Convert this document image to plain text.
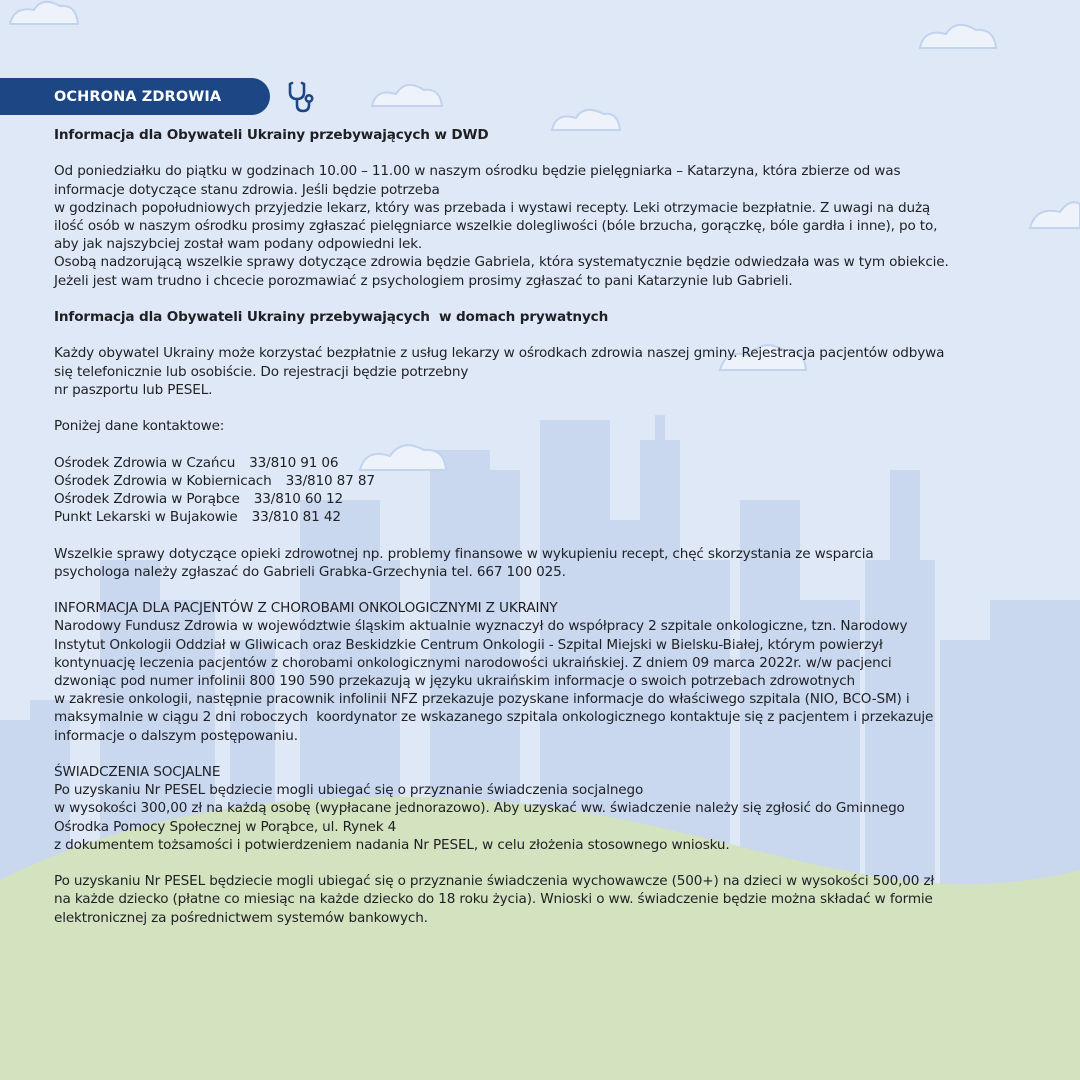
OCHRONA ZDROWIA

Informacja dla Obywateli Ukrainy przebywających w DWD

Od poniedziałku do piątku w godzinach 10.00 – 11.00 w naszym ośrodku będzie pielęgniarka – Katarzyna, która zbierze od was

informacje dotyczące stanu zdrowia. Jeśli będzie potrzeba

w godzinach popołudniowych przyjedzie lekarz, który was przebada i wystawi recepty. Leki otrzymacie bezpłatnie. Z uwagi na dużą

ilość osób w naszym ośrodku prosimy zgłaszać pielęgniarce wszelkie dolegliwości (bóle brzucha, gorączkę, bóle gardła i inne), po to,

aby jak najszybciej został wam podany odpowiedni lek.

Osobą nadzorującą wszelkie sprawy dotyczące zdrowia będzie Gabriela, która systematycznie będzie odwiedzała was w tym obiekcie.

Jeżeli jest wam trudno i chcecie porozmawiać z psychologiem prosimy zgłaszać to pani Katarzynie lub Gabrieli.

Informacja dla Obywateli Ukrainy przebywających  w domach prywatnych

Każdy obywatel Ukrainy może korzystać bezpłatnie z usług lekarzy w ośrodkach zdrowia naszej gminy. Rejestracja pacjentów odbywa

się telefonicznie lub osobiście. Do rejestracji będzie potrzebny

nr paszportu lub PESEL.

Poniżej dane kontaktowe:

Ośrodek Zdrowia w Czańcu 33/810 91 06

Ośrodek Zdrowia w Kobiernicach 33/810 87 87

Ośrodek Zdrowia w Porąbce 33/810 60 12

Punkt Lekarski w Bujakowie 33/810 81 42

Wszelkie sprawy dotyczące opieki zdrowotnej np. problemy finansowe w wykupieniu recept, chęć skorzystania ze wsparcia

psychologa należy zgłaszać do Gabrieli Grabka-Grzechynia tel. 667 100 025.

INFORMACJA DLA PACJENTÓW Z CHOROBAMI ONKOLOGICZNYMI Z UKRAINY

Narodowy Fundusz Zdrowia w województwie śląskim aktualnie wyznaczył do współpracy 2 szpitale onkologiczne, tzn. Narodowy

Instytut Onkologii Oddział w Gliwicach oraz Beskidzkie Centrum Onkologii - Szpital Miejski w Bielsku-Białej, którym powierzył

kontynuację leczenia pacjentów z chorobami onkologicznymi narodowości ukraińskiej. Z dniem 09 marca 2022r. w/w pacjenci

dzwoniąc pod numer infolinii 800 190 590 przekazują w języku ukraińskim informacje o swoich potrzebach zdrowotnych

w zakresie onkologii, następnie pracownik infolinii NFZ przekazuje pozyskane informacje do właściwego szpitala (NIO, BCO-SM) i

maksymalnie w ciągu 2 dni roboczych  koordynator ze wskazanego szpitala onkologicznego kontaktuje się z pacjentem i przekazuje

informacje o dalszym postępowaniu.

ŚWIADCZENIA SOCJALNE

Po uzyskaniu Nr PESEL będziecie mogli ubiegać się o przyznanie świadczenia socjalnego

w wysokości 300,00 zł na każdą osobę (wypłacane jednorazowo). Aby uzyskać ww. świadczenie należy się zgłosić do Gminnego

Ośrodka Pomocy Społecznej w Porąbce, ul. Rynek 4

z dokumentem tożsamości i potwierdzeniem nadania Nr PESEL, w celu złożenia stosownego wniosku.

Po uzyskaniu Nr PESEL będziecie mogli ubiegać się o przyznanie świadczenia wychowawcze (500+) na dzieci w wysokości 500,00 zł

na każde dziecko (płatne co miesiąc na każde dziecko do 18 roku życia). Wnioski o ww. świadczenie będzie można składać w formie

elektronicznej za pośrednictwem systemów bankowych.
